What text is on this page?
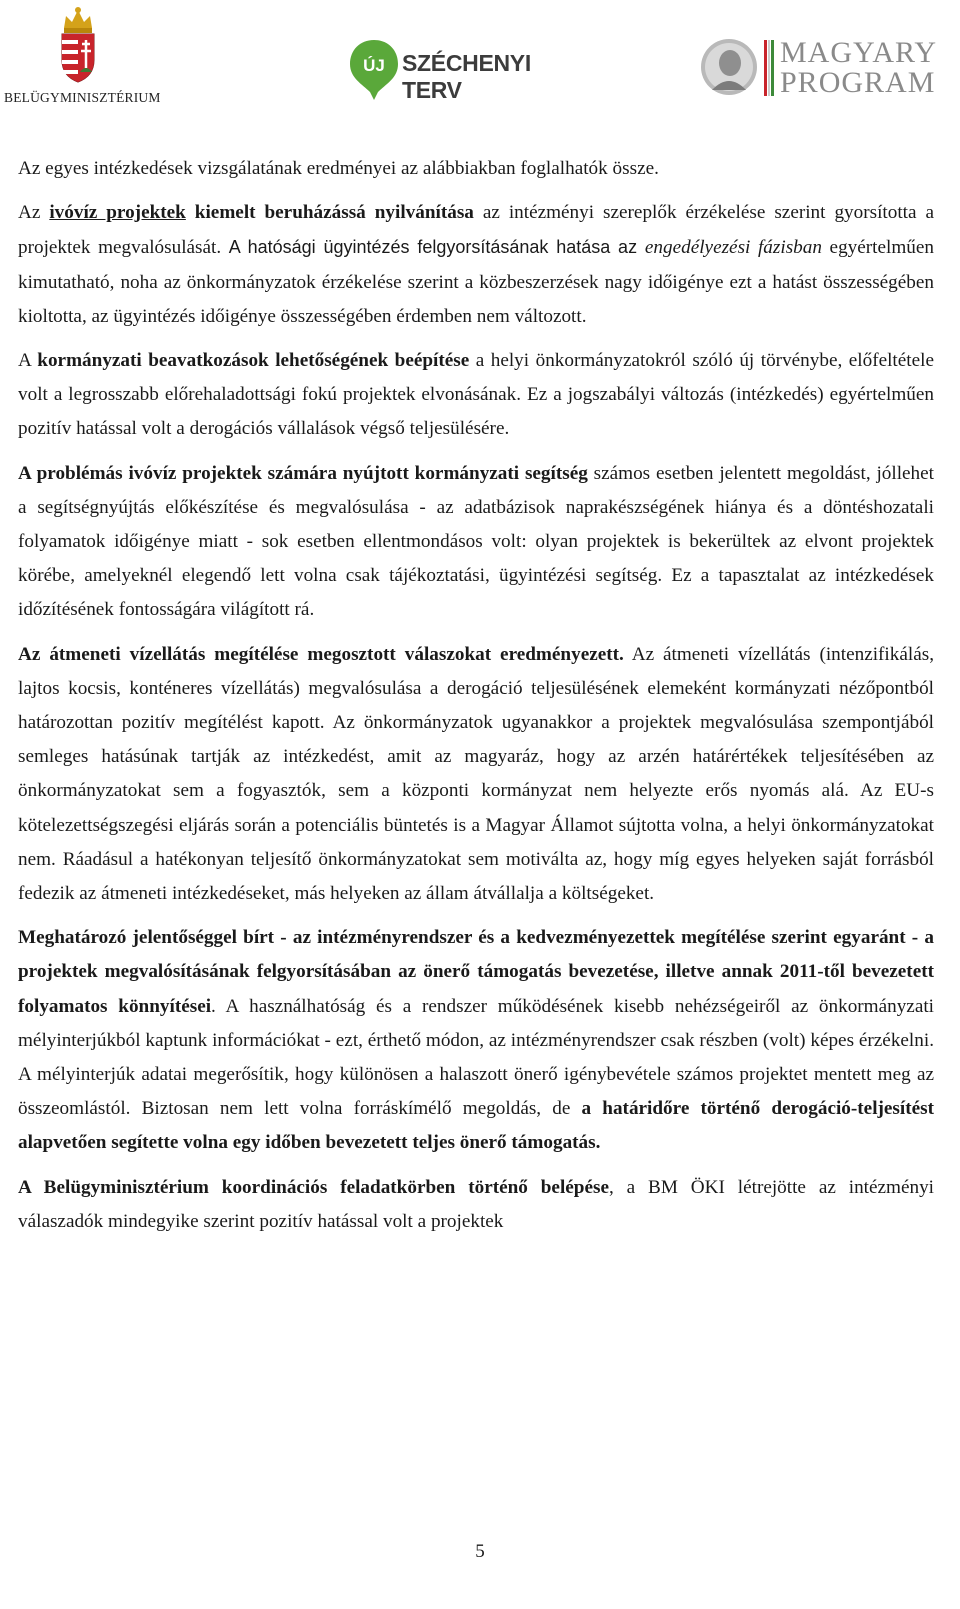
BELÜGYMINISZTÉRIUM
ÚJ SZÉCHENYI TERV
MAGYARY
PROGRAM

Az egyes intézkedések vizsgálatának eredményei az alábbiakban foglalhatók össze.

Az ivóvíz projektek kiemelt beruházássá nyilvánítása az intézményi szereplők érzékelése szerint gyorsította a projektek megvalósulását. A hatósági ügyintézés felgyorsításának hatása az engedélyezési fázisban egyértelműen kimutatható, noha az önkormányzatok érzékelése szerint a közbeszerzések nagy időigénye ezt a hatást összességében kioltotta, az ügyintézés időigénye összességében érdemben nem változott.

A kormányzati beavatkozások lehetőségének beépítése a helyi önkormányzatokról szóló új törvénybe, előfeltétele volt a legrosszabb előrehaladottsági fokú projektek elvonásának. Ez a jogszabályi változás (intézkedés) egyértelműen pozitív hatással volt a derogációs vállalások végső teljesülésére.

A problémás ivóvíz projektek számára nyújtott kormányzati segítség számos esetben jelentett megoldást, jóllehet a segítségnyújtás előkészítése és megvalósulása - az adatbázisok naprakészségének hiánya és a döntéshozatali folyamatok időigénye miatt - sok esetben ellentmondásos volt: olyan projektek is bekerültek az elvont projektek körébe, amelyeknél elegendő lett volna csak tájékoztatási, ügyintézési segítség. Ez a tapasztalat az intézkedések időzítésének fontosságára világított rá.

Az átmeneti vízellátás megítélése megosztott válaszokat eredményezett. Az átmeneti vízellátás (intenzifikálás, lajtos kocsis, konténeres vízellátás) megvalósulása a derogáció teljesülésének elemeként kormányzati nézőpontból határozottan pozitív megítélést kapott. Az önkormányzatok ugyanakkor a projektek megvalósulása szempontjából semleges hatásúnak tartják az intézkedést, amit az magyaráz, hogy az arzén határértékek teljesítésében az önkormányzatokat sem a fogyasztók, sem a központi kormányzat nem helyezte erős nyomás alá. Az EU-s kötelezettségszegési eljárás során a potenciális büntetés is a Magyar Államot sújtotta volna, a helyi önkormányzatokat nem. Ráadásul a hatékonyan teljesítő önkormányzatokat sem motiválta az, hogy míg egyes helyeken saját forrásból fedezik az átmeneti intézkedéseket, más helyeken az állam átvállalja a költségeket.

Meghatározó jelentőséggel bírt - az intézményrendszer és a kedvezményezettek megítélése szerint egyaránt - a projektek megvalósításának felgyorsításában az önerő támogatás bevezetése, illetve annak 2011-től bevezetett folyamatos könnyítései. A használhatóság és a rendszer működésének kisebb nehézségeiről az önkormányzati mélyinterjúkból kaptunk információkat - ezt, érthető módon, az intézményrendszer csak részben (volt) képes érzékelni. A mélyinterjúk adatai megerősítik, hogy különösen a halaszott önerő igénybevétele számos projektet mentett meg az összeomlástól. Biztosan nem lett volna forráskímélő megoldás, de a határidőre történő derogáció-teljesítést alapvetően segítette volna egy időben bevezetett teljes önerő támogatás.

A Belügyminisztérium koordinációs feladatkörben történő belépése, a BM ÖKI létrejötte az intézményi válaszadók mindegyike szerint pozitív hatással volt a projektek

5
